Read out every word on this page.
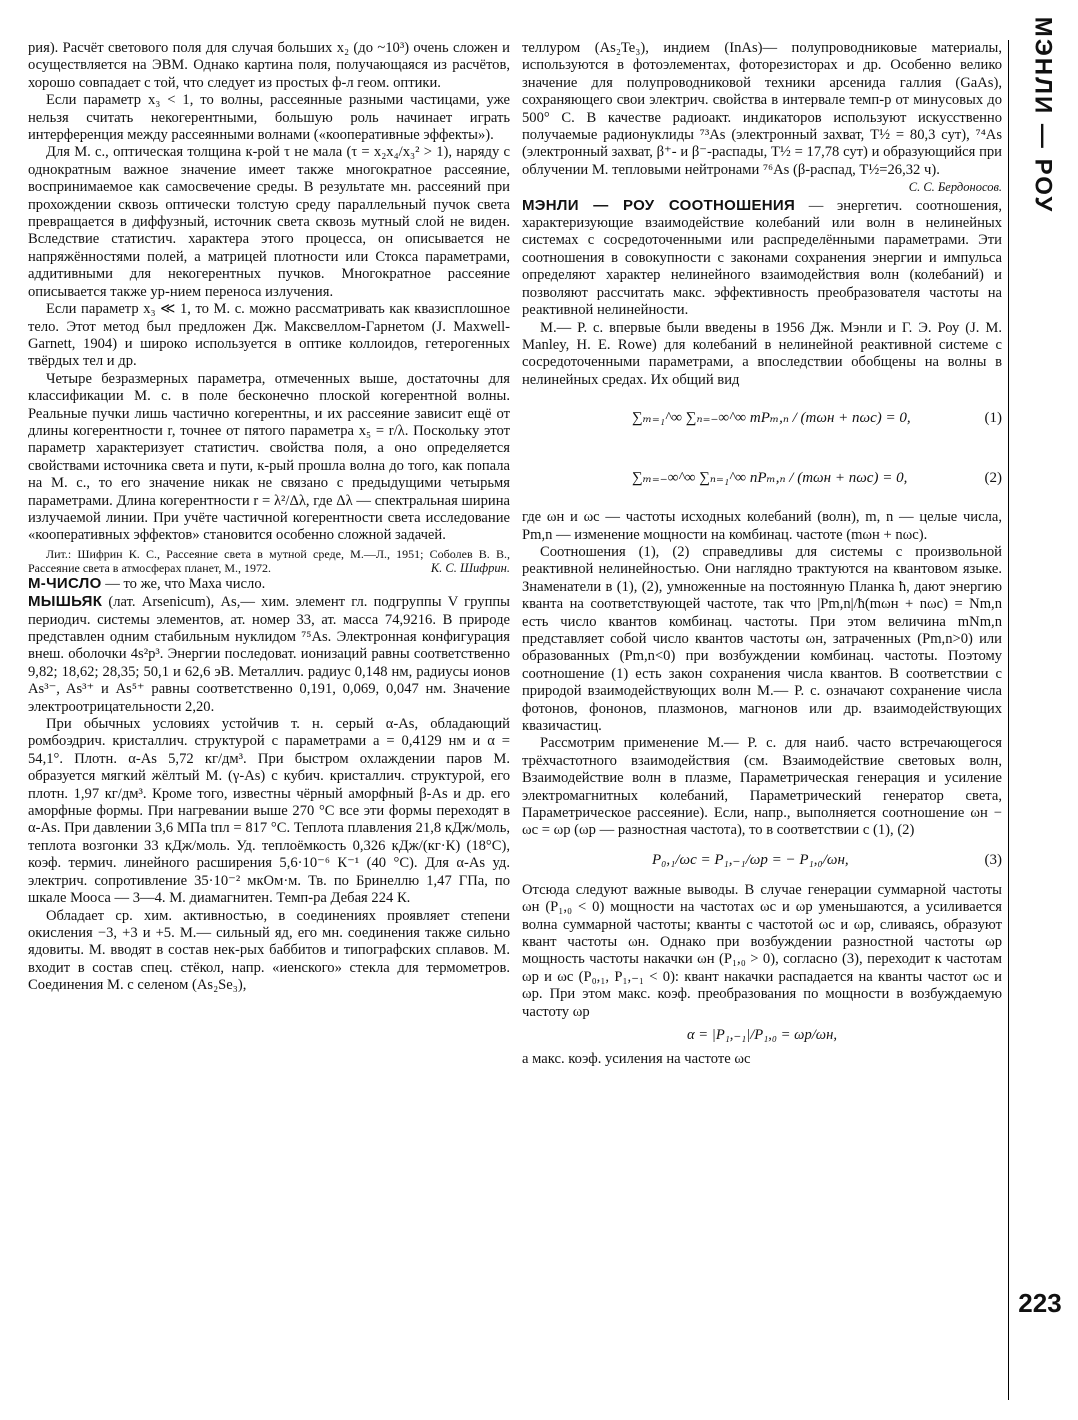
рия). Расчёт светового поля для случая больших x₂ (до ~10³) очень сложен и осуществляется на ЭВМ. Однако картина поля, получающаяся из расчётов, хорошо совпадает с той, что следует из простых ф-л геом. оптики.

Если параметр x₃ < 1, то волны, рассеянные разными частицами, уже нельзя считать некогерентными, большую роль начинает играть интерференция между рассеянными волнами («кооперативные эффекты»).

Для М. с., оптическая толщина к-рой τ не мала (τ = x₂x₄/x₃² > 1), наряду с однократным важное значение имеет также многократное рассеяние, воспринимаемое как самосвечение среды. В результате мн. рассеяний при прохождении сквозь оптически толстую среду параллельный пучок света превращается в диффузный, источник света сквозь мутный слой не виден. Вследствие статистич. характера этого процесса, он описывается не напряжённостями полей, а матрицей плотности или Стокса параметрами, аддитивными для некогерентных пучков. Многократное рассеяние описывается также ур-нием переноса излучения.

Если параметр x₃ ≪ 1, то М. с. можно рассматривать как квазисплошное тело. Этот метод был предложен Дж. Максвеллом-Гарнетом (J. Maxwell-Garnett, 1904) и широко используется в оптике коллоидов, гетерогенных твёрдых тел и др.

Четыре безразмерных параметра, отмеченных выше, достаточны для классификации М. с. в поле бесконечно плоской когерентной волны. Реальные пучки лишь частично когерентны, и их рассеяние зависит ещё от длины когерентности r, точнее от пятого параметра x₅ = r/λ. Поскольку этот параметр характеризует статистич. свойства поля, а оно определяется свойствами источника света и пути, к-рый прошла волна до того, как попала на М. с., то его значение никак не связано с предыдущими четырьмя параметрами. Длина когерентности r = λ²/Δλ, где Δλ — спектральная ширина излучаемой линии. При учёте частичной когерентности света исследование «кооперативных эффектов» становится особенно сложной задачей.

Лит.: Шифрин К. С., Рассеяние света в мутной среде, М.—Л., 1951; Соболев В. В., Рассеяние света в атмосферах планет, М., 1972.	К. С. Шифрин.

М-ЧИСЛО — то же, что Маха число.

МЫШЬЯК (лат. Arsenicum), As,— хим. элемент гл. подгруппы V группы периодич. системы элементов, ат. номер 33, ат. масса 74,9216. В природе представлен одним стабильным нуклидом ⁷⁵As. Электронная конфигурация внеш. оболочки 4s²p³. Энергии последоват. ионизаций равны соответственно 9,82; 18,62; 28,35; 50,1 и 62,6 эВ. Металлич. радиус 0,148 нм, радиусы ионов As³⁻, As³⁺ и As⁵⁺ равны соответственно 0,191, 0,069, 0,047 нм. Значение электроотрицательности 2,20.

При обычных условиях устойчив т. н. серый α-As, обладающий ромбоэдрич. кристаллич. структурой с параметрами a = 0,4129 нм и α = 54,1°. Плотн. α-As 5,72 кг/дм³. При быстром охлаждении паров М. образуется мягкий жёлтый М. (γ-As) с кубич. кристаллич. структурой, его плотн. 1,97 кг/дм³. Кроме того, известны чёрный аморфный β-As и др. его аморфные формы. При нагревании выше 270 °C все эти формы переходят в α-As. При давлении 3,6 МПа tпл = 817 °C. Теплота плавления 21,8 кДж/моль, теплота возгонки 33 кДж/моль. Уд. теплоёмкость 0,326 кДж/(кг·К) (18°C), коэф. термич. линейного расширения 5,6·10⁻⁶ К⁻¹ (40 °C). Для α-As уд. электрич. сопротивление 35·10⁻² мкОм·м. Тв. по Бринеллю 1,47 ГПа, по шкале Мооса — 3—4. М. диамагнитен. Темп-ра Дебая 224 К.

Обладает ср. хим. активностью, в соединениях проявляет степени окисления −3, +3 и +5. М.— сильный яд, его мн. соединения также сильно ядовиты. М. вводят в состав нек-рых баббитов и типографских сплавов. М. входит в состав спец. стёкол, напр. «иенского» стекла для термометров. Соединения М. с селеном (As₂Se₃),

теллуром (As₂Te₃), индием (InAs)— полупроводниковые материалы, используются в фотоэлементах, фоторезисторах и др. Особенно велико значение для полупроводниковой техники арсенида галлия (GaAs), сохраняющего свои электрич. свойства в интервале темп-р от минусовых до 500° С. В качестве радиоакт. индикаторов используют искусственно получаемые радионуклиды ⁷³As (электронный захват, T½ = 80,3 сут), ⁷⁴As (электронный захват, β⁺- и β⁻-распады, T½ = 17,78 сут) и образующийся при облучении М. тепловыми нейтронами ⁷⁶As (β-распад, T½=26,32 ч).
С. С. Бердоносов.

МЭНЛИ — РОУ СООТНОШЕНИЯ — энергетич. соотношения, характеризующие взаимодействие колебаний или волн в нелинейных системах с сосредоточенными или распределёнными параметрами. Эти соотношения в совокупности с законами сохранения энергии и импульса определяют характер нелинейного взаимодействия волн (колебаний) и позволяют рассчитать макс. эффективность преобразователя частоты на реактивной нелинейности.

М.— Р. с. впервые были введены в 1956 Дж. Мэнли и Г. Э. Роу (J. M. Manley, H. E. Rowe) для колебаний в нелинейной реактивной системе с сосредоточенными параметрами, а впоследствии обобщены на волны в нелинейных средах. Их общий вид

∑ₘ₌₁^∞ ∑ₙ₌₋∞^∞ mPₘ,ₙ / (mωн + nωc) = 0,	(1)
∑ₘ₌₋∞^∞ ∑ₙ₌₁^∞ nPₘ,ₙ / (mωн + nωc) = 0,	(2)

где ωн и ωc — частоты исходных колебаний (волн), m, n — целые числа, Pm,n — изменение мощности на комбинац. частоте (mωн + nωc).

Соотношения (1), (2) справедливы для системы с произвольной реактивной нелинейностью. Они наглядно трактуются на квантовом языке. Знаменатели в (1), (2), умноженные на постоянную Планка ħ, дают энергию кванта на соответствующей частоте, так что |Pm,n|/ħ(mωн + nωc) = Nm,n есть число квантов комбинац. частоты. При этом величина mNm,n представляет собой число квантов частоты ωн, затраченных (Pm,n>0) или образованных (Pm,n<0) при возбуждении комбинац. частоты. Поэтому соотношение (1) есть закон сохранения числа квантов. В соответствии с природой взаимодействующих волн М.— Р. с. означают сохранение числа фотонов, фононов, плазмонов, магнонов или др. взаимодействующих квазичастиц.

Рассмотрим применение М.— Р. с. для наиб. часто встречающегося трёхчастотного взаимодействия (см. Взаимодействие световых волн, Взаимодействие волн в плазме, Параметрическая генерация и усиление электромагнитных колебаний, Параметрический генератор света, Параметрическое рассеяние). Если, напр., выполняется соотношение ωн − ωc = ωp (ωp — разностная частота), то в соответствии с (1), (2)

P₀,₁/ωc = P₁,₋₁/ωp = − P₁,₀/ωн,	(3)

Отсюда следуют важные выводы. В случае генерации суммарной частоты ωн (P₁,₀ < 0) мощности на частотах ωc и ωp уменьшаются, а усиливается волна суммарной частоты; кванты с частотой ωc и ωp, сливаясь, образуют квант частоты ωн. Однако при возбуждении разностной частоты ωp мощность частоты накачки ωн (P₁,₀ > 0), согласно (3), переходит к частотам ωp и ωc (P₀,₁, P₁,₋₁ < 0): квант накачки распадается на кванты частот ωc и ωp. При этом макс. коэф. преобразования по мощности в возбуждаемую частоту ωp

α = |P₁,₋₁|/P₁,₀ = ωp/ωн,

а макс. коэф. усиления на частоте ωc

МЭНЛИ — РОУ
223
